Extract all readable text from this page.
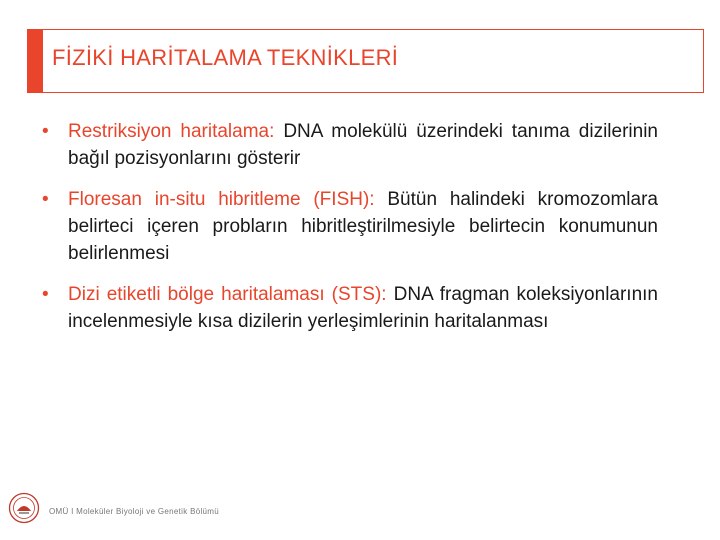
FİZİKİ HARİTALAMA TEKNİKLERİ
• Restriksiyon haritalama: DNA molekülü üzerindeki tanıma dizilerinin bağıl pozisyonlarını gösterir
• Floresan in-situ hibritleme (FISH): Bütün halindeki kromozomlara belirteci içeren probların hibritleştirilmesiyle belirtecin konumunun belirlenmesi
• Dizi etiketli bölge haritalaması (STS): DNA fragman koleksiyonlarının incelenmesiyle kısa dizilerin yerleşimlerinin haritalanması
OMÜ I Moleküler Biyoloji ve Genetik Bölümü
